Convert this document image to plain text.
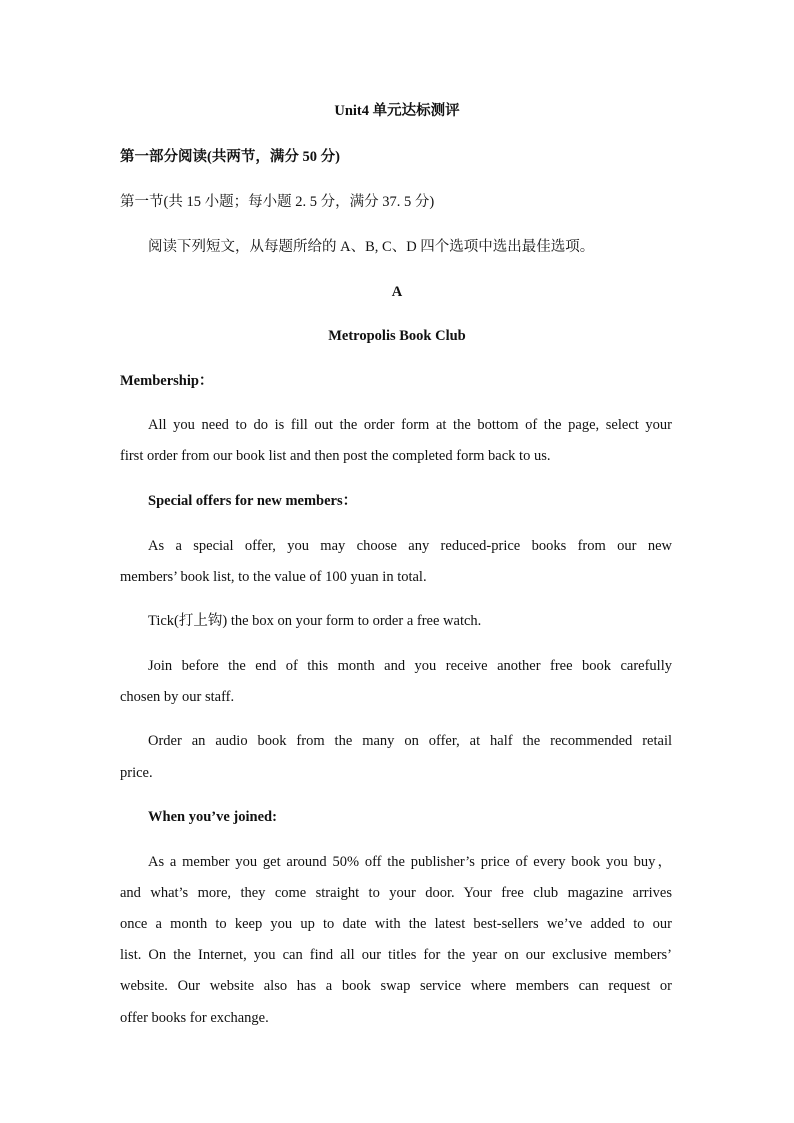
Unit4 单元达标测评

第一部分阅读(共两节，满分 50 分)

第一节(共 15 小题；每小题 2. 5 分，满分 37. 5 分)

阅读下列短文，从每题所给的 A、B, C、D 四个选项中选出最佳选项。

A

Metropolis Book Club

Membership：

All you need to do is fill out the order form at the bottom of the page, select your

first order from our book list and then post the completed form back to us.

Special offers for new members：

As a special offer, you may choose any reduced-price books from our new

members’ book list, to the value of 100 yuan in total.

Tick(打上钩) the box on your form to order a free watch.

Join before the end of this month and you receive another free book carefully

chosen by our staff.

Order an audio book from the many on offer, at half the recommended retail

price.

When you’ve joined:

As a member you get around 50% off the publisher’s price of every book you buy，

and what’s more, they come straight to your door. Your free club magazine arrives

once a month to keep you up to date with the latest best-sellers we’ve added to our

list. On the Internet, you can find all our titles for the year on our exclusive members’

website. Our website also has a book swap service where members can request or

offer books for exchange.
